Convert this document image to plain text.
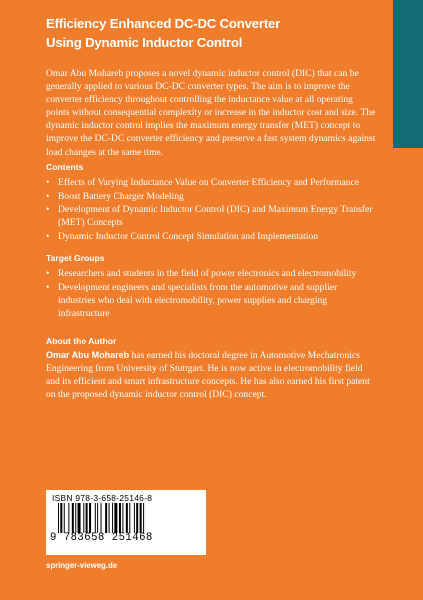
Efficiency Enhanced DC-DC Converter
Using Dynamic Inductor Control
Omar Abu Mohareb proposes a novel dynamic inductor control (DIC) that can be generally applied to various DC-DC converter types. The aim is to improve the converter efficiency throughout controlling the inductance value at all operating points without consequential complexity or increase in the inductor cost and size. The dynamic inductor control implies the maximum energy transfer (MET) concept to improve the DC-DC converter efficiency and preserve a fast system dynamics against load changes at the same time.
Contents
• Effects of Varying Inductance Value on Converter Efficiency and Performance
• Boost Battery Charger Modeling
• Development of Dynamic Inductor Control (DIC) and Maximum Energy Transfer (MET) Concepts
• Dynamic Inductor Control Concept Simulation and Implementation
Target Groups
• Researchers and students in the field of power electronics and electromobility
• Development engineers and specialists from the automotive and supplier industries who deal with electromobility, power supplies and charging infrastructure
About the Author
Omar Abu Mohareb has earned his doctoral degree in Automotive Mechatronics Engineering from University of Stuttgart. He is now active in electromobility field and its efficient and smart infrastructure concepts. He has also earned his first patent on the proposed dynamic inductor control (DIC) concept.
ISBN 978-3-658-25146-8
9 783658 251468
springer-vieweg.de
